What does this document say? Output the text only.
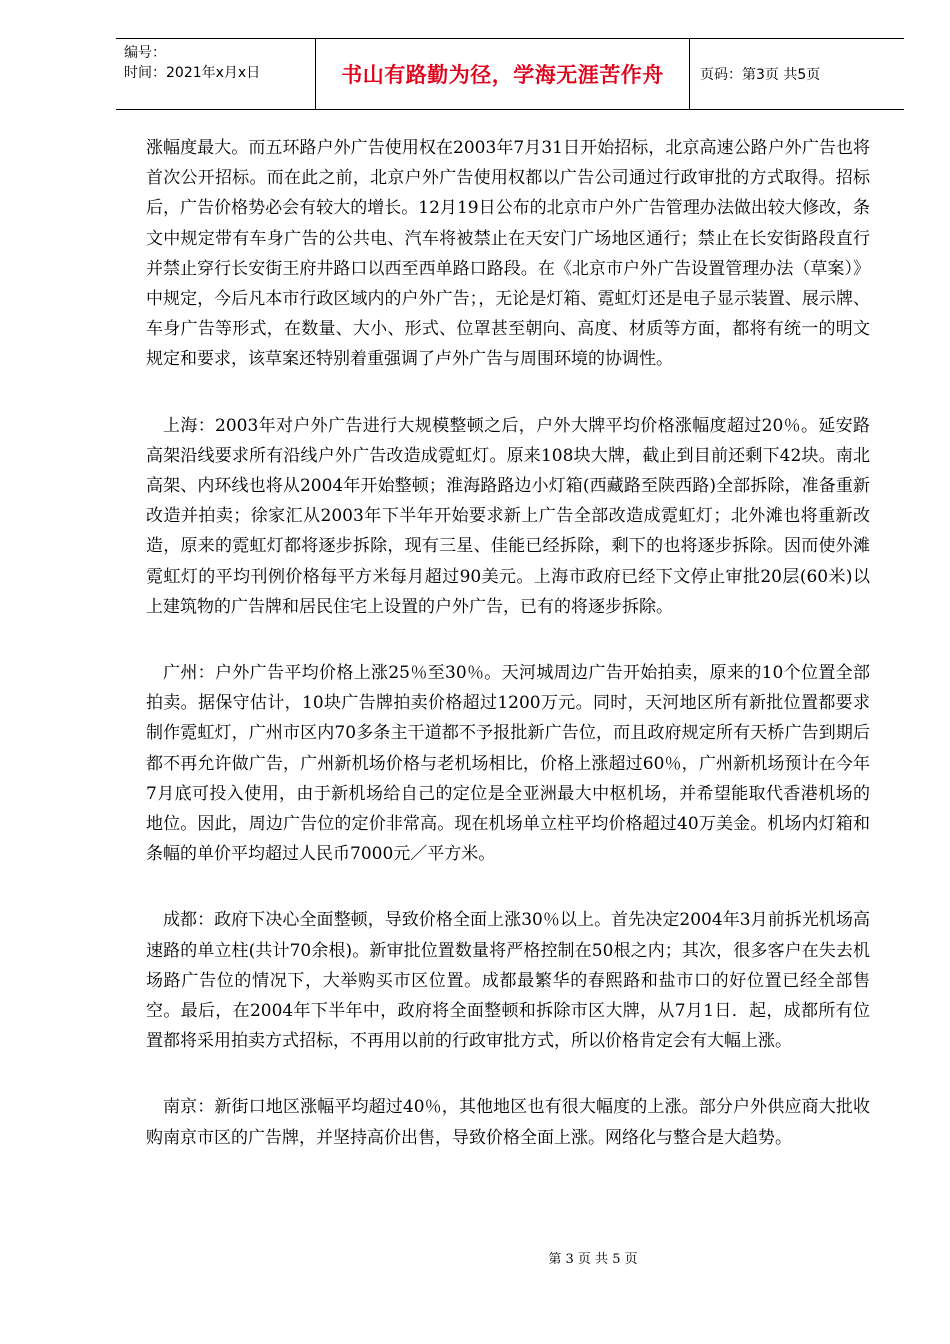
编号：
时间：2021年x月x日	书山有路勤为径，学海无涯苦作舟	页码：第3页 共5页

涨幅度最大。而五环路户外广告使用权在2003年7月31日开始招标，北京高速公路户外广告也将首次公开招标。而在此之前，北京户外广告使用权都以广告公司通过行政审批的方式取得。招标后，广告价格势必会有较大的增长。12月19日公布的北京市户外广告管理办法做出较大修改，条文中规定带有车身广告的公共电、汽车将被禁止在天安门广场地区通行；禁止在长安街路段直行并禁止穿行长安街王府井路口以西至西单路口路段。在《北京市户外广告设置管理办法（草案）》中规定，今后凡本市行政区域内的户外广告；，无论是灯箱、霓虹灯还是电子显示装置、展示牌、车身广告等形式，在数量、大小、形式、位罩甚至朝向、高度、材质等方面，都将有统一的明文规定和要求，该草案还特别着重强调了卢外广告与周围环境的协调性。

上海：2003年对户外广告进行大规模整顿之后，户外大牌平均价格涨幅度超过20％。延安路高架沿线要求所有沿线户外广告改造成霓虹灯。原来108块大牌，截止到目前还剩下42块。南北高架、内环线也将从2004年开始整顿；淮海路路边小灯箱(西藏路至陕西路)全部拆除，准备重新改造并拍卖；徐家汇从2003年下半年开始要求新上广告全部改造成霓虹灯；北外滩也将重新改造，原来的霓虹灯都将逐步拆除，现有三星、佳能已经拆除，剩下的也将逐步拆除。因而使外滩霓虹灯的平均刊例价格每平方米每月超过90美元。上海市政府已经下文停止审批20层(60米)以上建筑物的广告牌和居民住宅上设置的户外广告，已有的将逐步拆除。

广州：户外广告平均价格上涨25％至30％。天河城周边广告开始拍卖，原来的10个位置全部拍卖。据保守估计，10块广告牌拍卖价格超过1200万元。同时，天河地区所有新批位置都要求制作霓虹灯，广州市区内70多条主干道都不予报批新广告位，而且政府规定所有天桥广告到期后都不再允许做广告，广州新机场价格与老机场相比，价格上涨超过60％，广州新机场预计在今年7月底可投入使用，由于新机场给自己的定位是全亚洲最大中枢机场，并希望能取代香港机场的地位。因此，周边广告位的定价非常高。现在机场单立柱平均价格超过40万美金。机场内灯箱和条幅的单价平均超过人民币7000元／平方米。

成都：政府下决心全面整顿，导致价格全面上涨30％以上。首先决定2004年3月前拆光机场高速路的单立柱(共计70余根)。新审批位置数量将严格控制在50根之内；其次，很多客户在失去机场路广告位的情况下，大举购买市区位置。成都最繁华的春熙路和盐市口的好位置已经全部售空。最后，在2004年下半年中，政府将全面整顿和拆除市区大牌，从7月1日．起，成都所有位置都将采用拍卖方式招标，不再用以前的行政审批方式，所以价格肯定会有大幅上涨。

南京：新街口地区涨幅平均超过40％，其他地区也有很大幅度的上涨。部分户外供应商大批收购南京市区的广告牌，并坚持高价出售，导致价格全面上涨。网络化与整合是大趋势。

第 3 页 共 5 页
